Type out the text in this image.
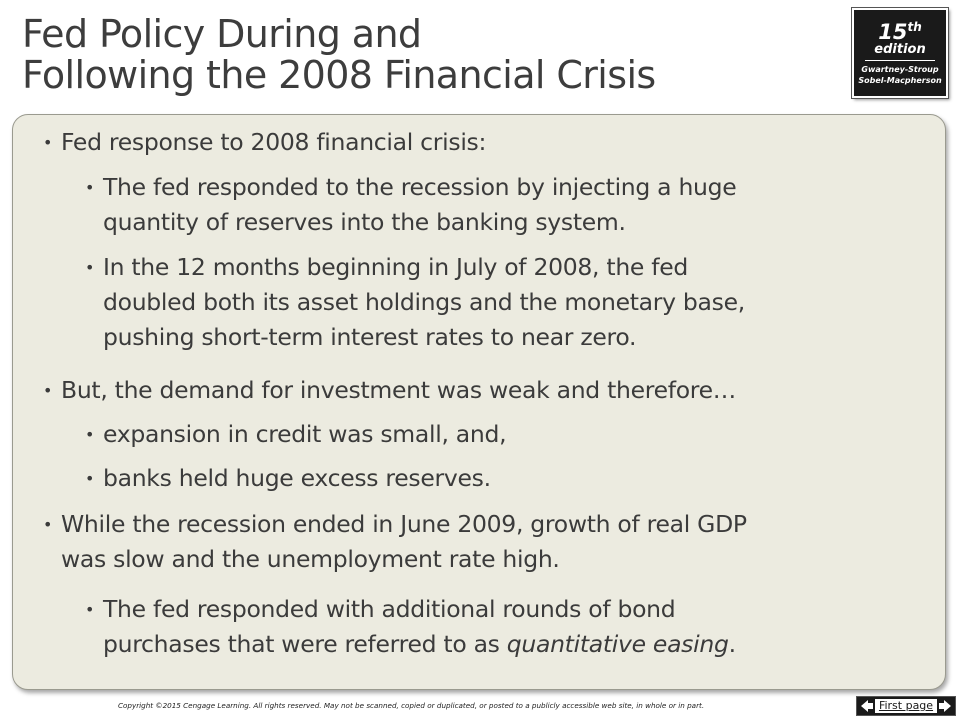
Fed Policy During and
Following the 2008 Financial Crisis
15th
edition
Gwartney-Stroup
Sobel-Macpherson
• Fed response to 2008 financial crisis:
• The fed responded to the recession by injecting a huge
quantity of reserves into the banking system.
• In the 12 months beginning in July of 2008, the fed
doubled both its asset holdings and the monetary base,
pushing short-term interest rates to near zero.
• But, the demand for investment was weak and therefore…
• expansion in credit was small, and,
• banks held huge excess reserves.
• While the recession ended in June 2009, growth of real GDP
was slow and the unemployment rate high.
• The fed responded with additional rounds of bond
purchases that were referred to as quantitative easing.
Copyright ©2015 Cengage Learning. All rights reserved. May not be scanned, copied or duplicated, or posted to a publicly accessible web site, in whole or in part.	First page
